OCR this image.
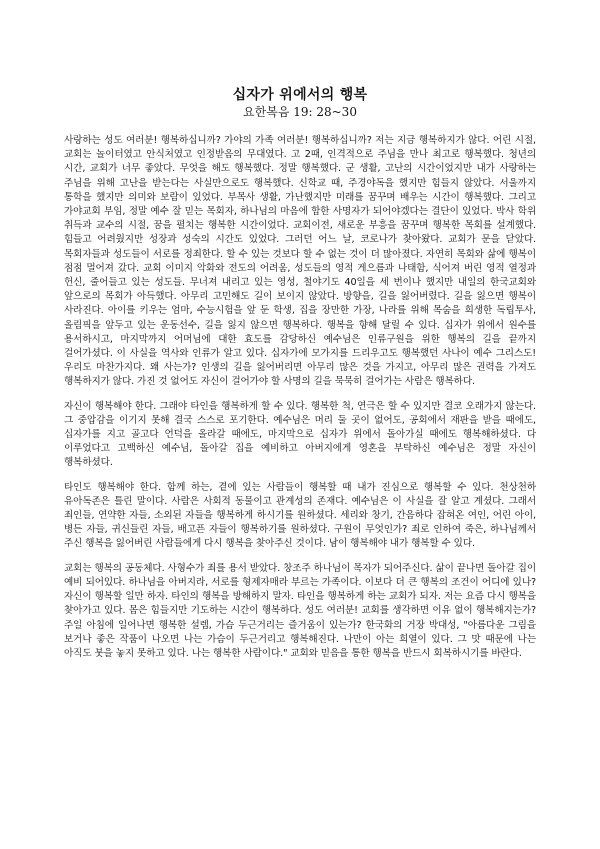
십자가 위에서의 행복
요한복음 19: 28~30

사랑하는 성도 여러분! 행복하십니까? 가야의 가족 여러분! 행복하십니까? 저는 지금 행복하지가 않다. 어린 시절, 교회는 놀이터였고 안식처였고 인정받음의 무대였다. 고 2때, 인격적으로 주님을 만나 최고로 행복했다. 청년의 시간, 교회가 너무 좋았다. 무엇을 해도 행복했다. 정말 행복했다. 군 생활, 고난의 시간이었지만 내가 사랑하는 주님을 위해 고난을 받는다는 사실만으로도 행복했다. 신학교 때, 주경야독을 했지만 힘들지 않았다. 서울까지 통학을 했지만 의미와 보람이 있었다. 부목사 생활, 가난했지만 미래를 꿈꾸며 배우는 시간이 행복했다. 그리고 가야교회 부임, 정말 예수 잘 믿는 목회자, 하나님의 마음에 합한 사명자가 되어야겠다는 결단이 있었다. 박사 학위 취득과 교수의 시절, 꿈을 펼치는 행복한 시간이었다. 교회이전, 새로운 부흥을 꿈꾸며 행복한 목회를 설계했다. 힘들고 어려웠지만 성장과 성숙의 시간도 있었다. 그러던 어느 날, 코로나가 찾아왔다. 교회가 문을 닫았다. 목회자들과 성도들이 서로를 정죄한다. 할 수 있는 것보다 할 수 없는 것이 더 많아졌다. 자연히 목회와 삶에 행복이 점점 멀어져 갔다. 교회 이미지 악화와 전도의 어려움, 성도들의 영적 게으름과 나태함, 식어져 버린 영적 열정과 헌신, 줄어들고 있는 성도들. 무너져 내리고 있는 영성, 철야기도 40일을 세 번이나 했지만 내일의 한국교회와 앞으로의 목회가 아득했다. 아무리 고민해도 길이 보이지 않았다. 방향을, 길을 잃어버렸다. 길을 잃으면 행복이 사라진다. 아이를 키우는 엄마, 수능시험을 앞 둔 학생, 집을 장만한 가장, 나라를 위해 목숨을 희생한 독립투사, 올림픽을 앞두고 있는 운동선수, 길을 잃지 않으면 행복하다. 행복을 향해 달릴 수 있다. 십자가 위에서 원수를 용서하시고, 마지막까지 어머님에 대한 효도를 감당하신 예수님은 인류구원을 위한 행복의 길을 끝까지 걸어가셨다. 이 사실을 역사와 인류가 알고 있다. 십자가에 모가지를 드리우고도 행복했던 사나이 예수 그리스도! 우리도 마찬가지다. 왜 사는가? 인생의 길을 잃어버리면 아무리 많은 것을 가지고, 아무리 많은 권력을 가져도 행복하지가 않다. 가진 것 없어도 자신이 걸어가야 할 사명의 길을 묵묵히 걸어가는 사람은 행복하다.

자신이 행복해야 한다. 그래야 타인을 행복하게 할 수 있다. 행복한 척, 연극은 할 수 있지만 결코 오래가지 않는다. 그 중압감을 이기지 못해 결국 스스로 포기한다. 예수님은 머리 둘 곳이 없어도, 공회에서 재판을 받을 때에도, 십자가를 지고 골고다 언덕을 올라갈 때에도, 마지막으로 십자가 위에서 돌아가실 때에도 행복해하셨다. 다 이루었다고 고백하신 예수님, 돌아갈 집을 예비하고 아버지에게 영혼을 부탁하신 예수님은 정말 자신이 행복하셨다.

타인도 행복해야 한다. 함께 하는, 곁에 있는 사람들이 행복할 때 내가 진심으로 행복할 수 있다. 천상천하 유아독존은 틀린 말이다. 사람은 사회적 동물이고 관계성의 존재다. 예수님은 이 사실을 잘 알고 계셨다. 그래서 죄인들, 연약한 자들, 소외된 자들을 행복하게 하시기를 원하셨다. 세리와 창기, 간음하다 잡혀온 여인, 어린 아이, 병든 자들, 귀신들린 자들, 배고픈 자들이 행복하기를 원하셨다. 구원이 무엇인가? 죄로 인하여 죽은, 하나님께서 주신 행복을 잃어버린 사람들에게 다시 행복을 찾아주신 것이다. 남이 행복해야 내가 행복할 수 있다.

교회는 행복의 공동체다. 사형수가 죄를 용서 받았다. 창조주 하나님이 목자가 되어주신다. 삶이 끝나면 돌아갈 집이 예비 되어있다. 하나님을 아버지라, 서로를 형제자매라 부르는 가족이다. 이보다 더 큰 행복의 조건이 어디에 있나? 자신이 행복할 일만 하자. 타인의 행복을 방해하지 말자. 타인을 행복하게 하는 교회가 되자. 저는 요즘 다시 행복을 찾아가고 있다. 몸은 힘들지만 기도하는 시간이 행복하다. 성도 여러분! 교회를 생각하면 이유 없이 행복해지는가? 주일 아침에 일어나면 행복한 설렘, 가슴 두근거리는 즐거움이 있는가? 한국화의 거장 박대성, "아름다운 그림을 보거나 좋은 작품이 나오면 나는 가슴이 두근거리고 행복해진다. 나만이 아는 희열이 있다. 그 맛 때문에 나는 아직도 붓을 놓지 못하고 있다. 나는 행복한 사람이다." 교회와 믿음을 통한 행복을 반드시 회복하시기를 바란다.
